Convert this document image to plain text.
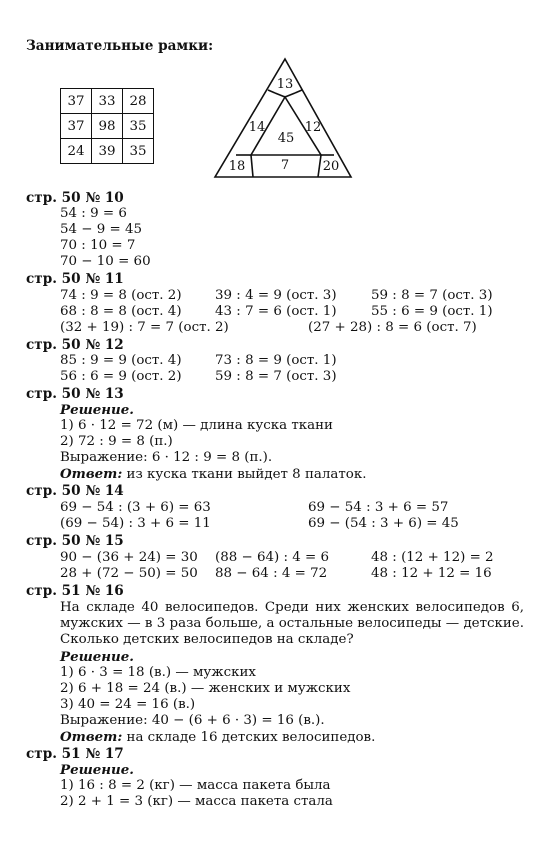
Занимательные рамки:
37	33	28
37	98	35
24	39	35
13
14
45
12
18	7	20
стр. 50 № 10
54 : 9 = 6
54 − 9 = 45
70 : 10 = 7
70 − 10 = 60
стр. 50 № 11
74 : 9 = 8 (ост. 2) 39 : 4 = 9 (ост. 3)	59 : 8 = 7 (ост. 3)
68 : 8 = 8 (ост. 4) 43 : 7 = 6 (ост. 1)	55 : 6 = 9 (ост. 1)
(32 + 19) : 7 = 7 (ост. 2)	(27 + 28) : 8 = 6 (ост. 7)
стр. 50 № 12
85 : 9 = 9 (ост. 4) 73 : 8 = 9 (ост. 1)
56 : 6 = 9 (ост. 2) 59 : 8 = 7 (ост. 3)
стр. 50 № 13
Решение.
1) 6 · 12 = 72 (м) — длина куска ткани
2) 72 : 9 = 8 (п.)
Выражение: 6 · 12 : 9 = 8 (п.).
Ответ: из куска ткани выйдет 8 палаток.
стр. 50 № 14
69 − 54 : (3 + 6) = 63	69 − 54 : 3 + 6 = 57
(69 − 54) : 3 + 6 = 11	69 − (54 : 3 + 6) = 45
стр. 50 № 15
90 − (36 + 24) = 30 (88 − 64) : 4 = 6	48 : (12 + 12) = 2
28 + (72 − 50) = 50 88 − 64 : 4 = 72	48 : 12 + 12 = 16
стр. 51 № 16
На складе 40 велосипедов. Среди них женских велосипедов 6,
мужских — в 3 раза больше, а остальные велосипеды — детские.
Сколько детских велосипедов на складе?
Решение.
1) 6 · 3 = 18 (в.) — мужских
2) 6 + 18 = 24 (в.) — женских и мужских
3) 40 = 24 = 16 (в.)
Выражение: 40 − (6 + 6 · 3) = 16 (в.).
Ответ: на складе 16 детских велосипедов.
стр. 51 № 17
Решение.
1) 16 : 8 = 2 (кг) — масса пакета была
2) 2 + 1 = 3 (кг) — масса пакета стала
